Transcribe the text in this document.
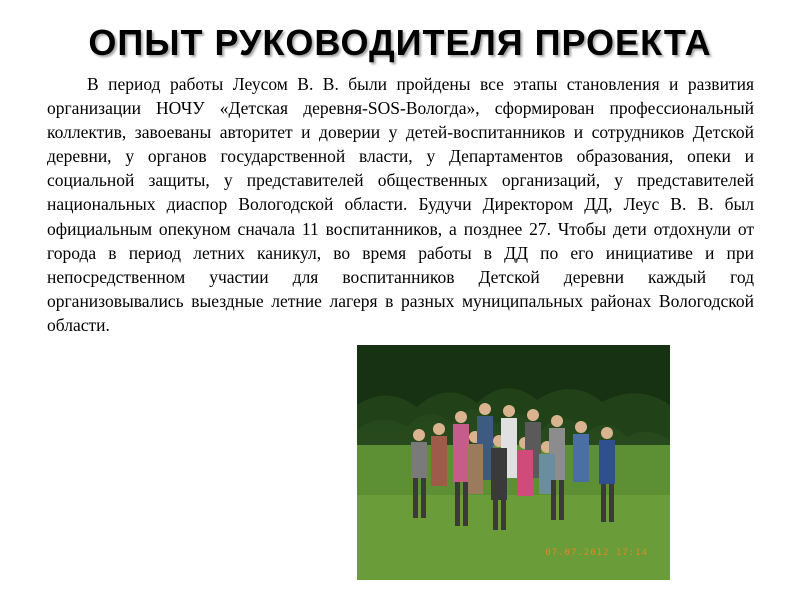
ОПЫТ РУКОВОДИТЕЛЯ ПРОЕКТА

В период работы Леусом В. В. были пройдены все этапы становления и развития организации НОЧУ «Детская деревня-SOS-Вологда», сформирован профессиональный коллектив, завоеваны авторитет и доверии у детей-воспитанников и сотрудников Детской деревни, у органов государственной власти, у Департаментов образования, опеки и социальной защиты, у представителей общественных организаций, у представителей национальных диаспор Вологодской области. Будучи Директором ДД, Леус В. В. был официальным опекуном сначала 11 воспитанников, а позднее 27. Чтобы дети отдохнули от города в период летних каникул, во время работы в ДД по его инициативе и при непосредственном участии для воспитанников Детской деревни каждый год организовывались выездные летние лагеря в разных муниципальных районах Вологодской области.

07.07.2012 17:14
